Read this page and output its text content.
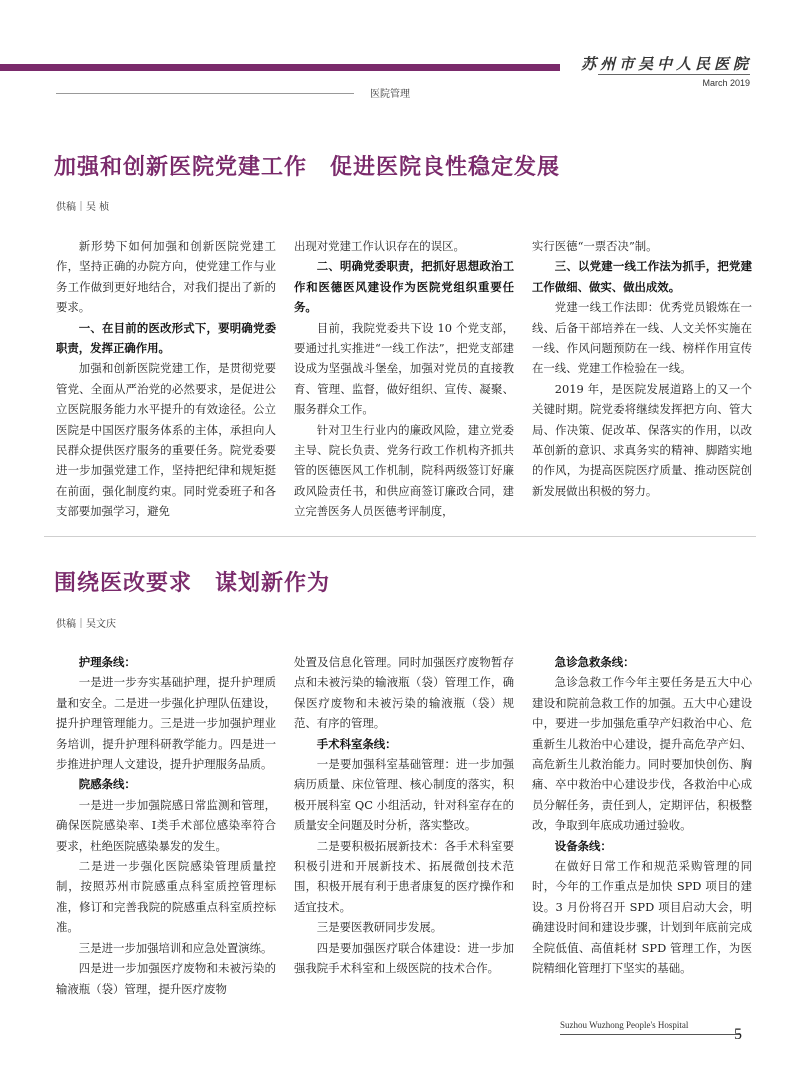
苏州市吴中人民医院
March 2019
医院管理
加强和创新医院党建工作　促进医院良性稳定发展
供稿｜吴 桢

新形势下如何加强和创新医院党建工作，坚持正确的办院方向，使党建工作与业务工作做到更好地结合，对我们提出了新的要求。

一、在目前的医改形式下，要明确党委职责，发挥正确作用。

加强和创新医院党建工作，是贯彻党要管党、全面从严治党的必然要求，是促进公立医院服务能力水平提升的有效途径。公立医院是中国医疗服务体系的主体，承担向人民群众提供医疗服务的重要任务。院党委要进一步加强党建工作，坚持把纪律和规矩挺在前面，强化制度约束。同时党委班子和各支部要加强学习，避免

出现对党建工作认识存在的误区。

二、明确党委职责，把抓好思想政治工作和医德医风建设作为医院党组织重要任务。

目前，我院党委共下设 10 个党支部，要通过扎实推进“一线工作法”，把党支部建设成为坚强战斗堡垒，加强对党员的直接教育、管理、监督，做好组织、宣传、凝聚、服务群众工作。

针对卫生行业内的廉政风险，建立党委主导、院长负责、党务行政工作机构齐抓共管的医德医风工作机制，院科两级签订好廉政风险责任书，和供应商签订廉政合同，建立完善医务人员医德考评制度，

实行医德“一票否决”制。

三、以党建一线工作法为抓手，把党建工作做细、做实、做出成效。

党建一线工作法即：优秀党员锻炼在一线、后备干部培养在一线、人文关怀实施在一线、作风问题预防在一线、榜样作用宣传在一线、党建工作检验在一线。

2019 年，是医院发展道路上的又一个关键时期。院党委将继续发挥把方向、管大局、作决策、促改革、保落实的作用，以改革创新的意识、求真务实的精神、脚踏实地的作风，为提高医院医疗质量、推动医院创新发展做出积极的努力。

围绕医改要求　谋划新作为
供稿｜吴文庆

护理条线：

一是进一步夯实基础护理，提升护理质量和安全。二是进一步强化护理队伍建设，提升护理管理能力。三是进一步加强护理业务培训，提升护理科研教学能力。四是进一步推进护理人文建设，提升护理服务品质。

院感条线：

一是进一步加强院感日常监测和管理，确保医院感染率、Ⅰ类手术部位感染率符合要求，杜绝医院感染暴发的发生。

二是进一步强化医院感染管理质量控制，按照苏州市院感重点科室质控管理标准，修订和完善我院的院感重点科室质控标准。

三是进一步加强培训和应急处置演练。

四是进一步加强医疗废物和未被污染的输液瓶（袋）管理，提升医疗废物

处置及信息化管理。同时加强医疗废物暂存点和未被污染的输液瓶（袋）管理工作，确保医疗废物和未被污染的输液瓶（袋）规范、有序的管理。

手术科室条线：

一是要加强科室基础管理：进一步加强病历质量、床位管理、核心制度的落实，积极开展科室 QC 小组活动，针对科室存在的质量安全问题及时分析，落实整改。

二是要积极拓展新技术：各手术科室要积极引进和开展新技术、拓展微创技术范围，积极开展有利于患者康复的医疗操作和适宜技术。

三是要医教研同步发展。

四是要加强医疗联合体建设：进一步加强我院手术科室和上级医院的技术合作。

急诊急救条线：

急诊急救工作今年主要任务是五大中心建设和院前急救工作的加强。五大中心建设中，要进一步加强危重孕产妇救治中心、危重新生儿救治中心建设，提升高危孕产妇、高危新生儿救治能力。同时要加快创伤、胸痛、卒中救治中心建设步伐，各救治中心成员分解任务，责任到人，定期评估，积极整改，争取到年底成功通过验收。

设备条线：

在做好日常工作和规范采购管理的同时，今年的工作重点是加快 SPD 项目的建设。3 月份将召开 SPD 项目启动大会，明确建设时间和建设步骤，计划到年底前完成全院低值、高值耗材 SPD 管理工作，为医院精细化管理打下坚实的基础。

Suzhou Wuzhong People's Hospital
5
